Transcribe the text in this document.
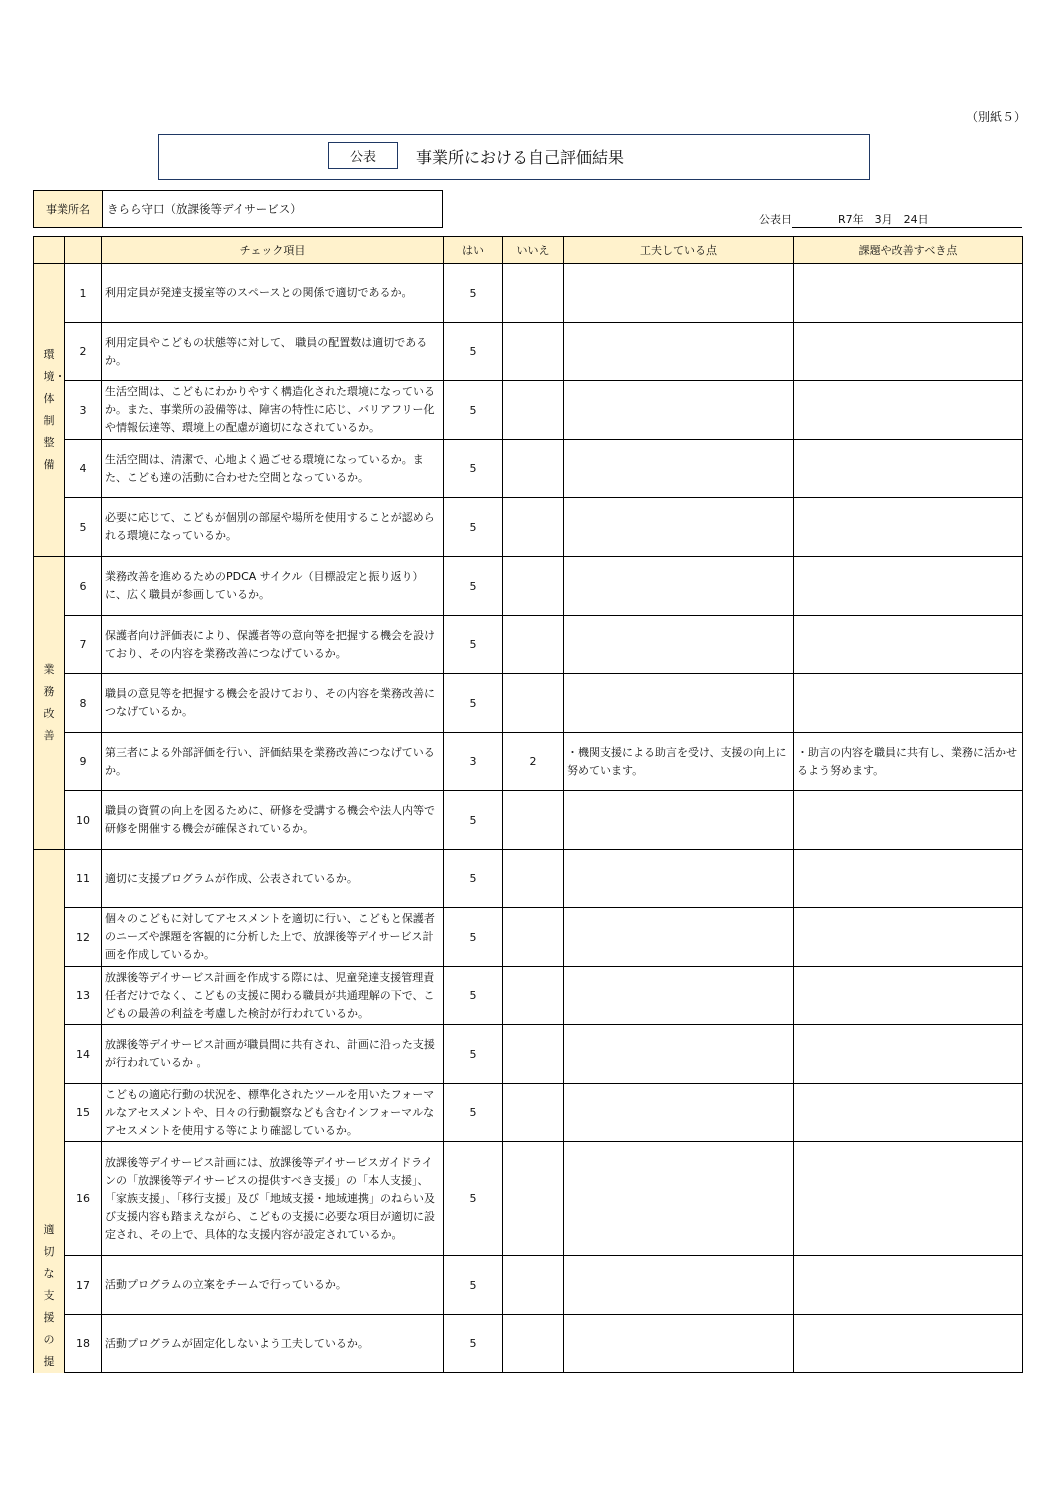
（別紙５）
公表	事業所における自己評価結果
事業所名	きらら守口（放課後等デイサービス）
公表日	R7年　3月　24日
		チェック項目	はい	いいえ	工夫している点	課題や改善すべき点
環境・体制整備	1	利用定員が発達支援室等のスペースとの関係で適切であるか。	5			
	2	利用定員やこどもの状態等に対して、 職員の配置数は適切であるか。	5			
	3	生活空間は、こどもにわかりやすく構造化された環境になっているか。また、事業所の設備等は、障害の特性に応じ、バリアフリー化や情報伝達等、環境上の配慮が適切になされているか。	5			
	4	生活空間は、清潔で、心地よく過ごせる環境になっているか。また、こども達の活動に合わせた空間となっているか。	5			
	5	必要に応じて、こどもが個別の部屋や場所を使用することが認められる環境になっているか。	5			
業務改善	6	業務改善を進めるためのPDCA サイクル（目標設定と振り返り）に、広く職員が参画しているか。	5			
	7	保護者向け評価表により、保護者等の意向等を把握する機会を設けており、その内容を業務改善につなげているか。	5			
	8	職員の意見等を把握する機会を設けており、その内容を業務改善につなげているか。	5			
	9	第三者による外部評価を行い、評価結果を業務改善につなげているか。	3	2	・機関支援による助言を受け、支援の向上に努めています。	・助言の内容を職員に共有し、業務に活かせるよう努めます。
	10	職員の資質の向上を図るために、研修を受講する機会や法人内等で研修を開催する機会が確保されているか。	5			
適切な支援の提	11	適切に支援プログラムが作成、公表されているか。	5			
	12	個々のこどもに対してアセスメントを適切に行い、こどもと保護者のニーズや課題を客観的に分析した上で、放課後等デイサービス計画を作成しているか。	5			
	13	放課後等デイサービス計画を作成する際には、児童発達支援管理責任者だけでなく、こどもの支援に関わる職員が共通理解の下で、こどもの最善の利益を考慮した検討が行われているか。	5			
	14	放課後等デイサービス計画が職員間に共有され、計画に沿った支援が行われているか 。	5			
	15	こどもの適応行動の状況を、標準化されたツールを用いたフォーマルなアセスメントや、日々の行動観察なども含むインフォーマルなアセスメントを使用する等により確認しているか。	5			
	16	放課後等デイサービス計画には、放課後等デイサービスガイドラインの「放課後等デイサービスの提供すべき支援」の「本人支援」、「家族支援」、「移行支援」及び「地域支援・地域連携」のねらい及び支援内容も踏まえながら、こどもの支援に必要な項目が適切に設定され、その上で、具体的な支援内容が設定されているか。	5			
	17	活動プログラムの立案をチームで行っているか。	5			
	18	活動プログラムが固定化しないよう工夫しているか。	5			
